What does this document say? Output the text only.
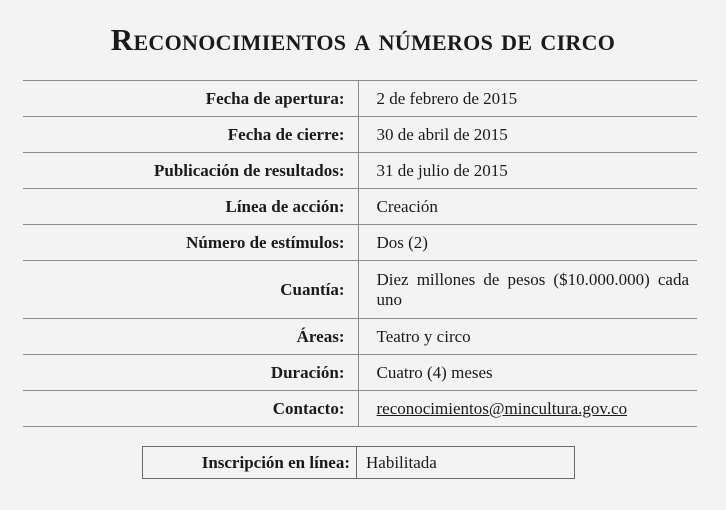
Reconocimientos a números de circo
Fecha de apertura:	2 de febrero de 2015
Fecha de cierre:	30 de abril de 2015
Publicación de resultados:	31 de julio de 2015
Línea de acción:	Creación
Número de estímulos:	Dos (2)
Cuantía:	Diez millones de pesos ($10.000.000) cada uno
Áreas:	Teatro y circo
Duración:	Cuatro (4) meses
Contacto:	reconocimientos@mincultura.gov.co
Inscripción en línea:	Habilitada
